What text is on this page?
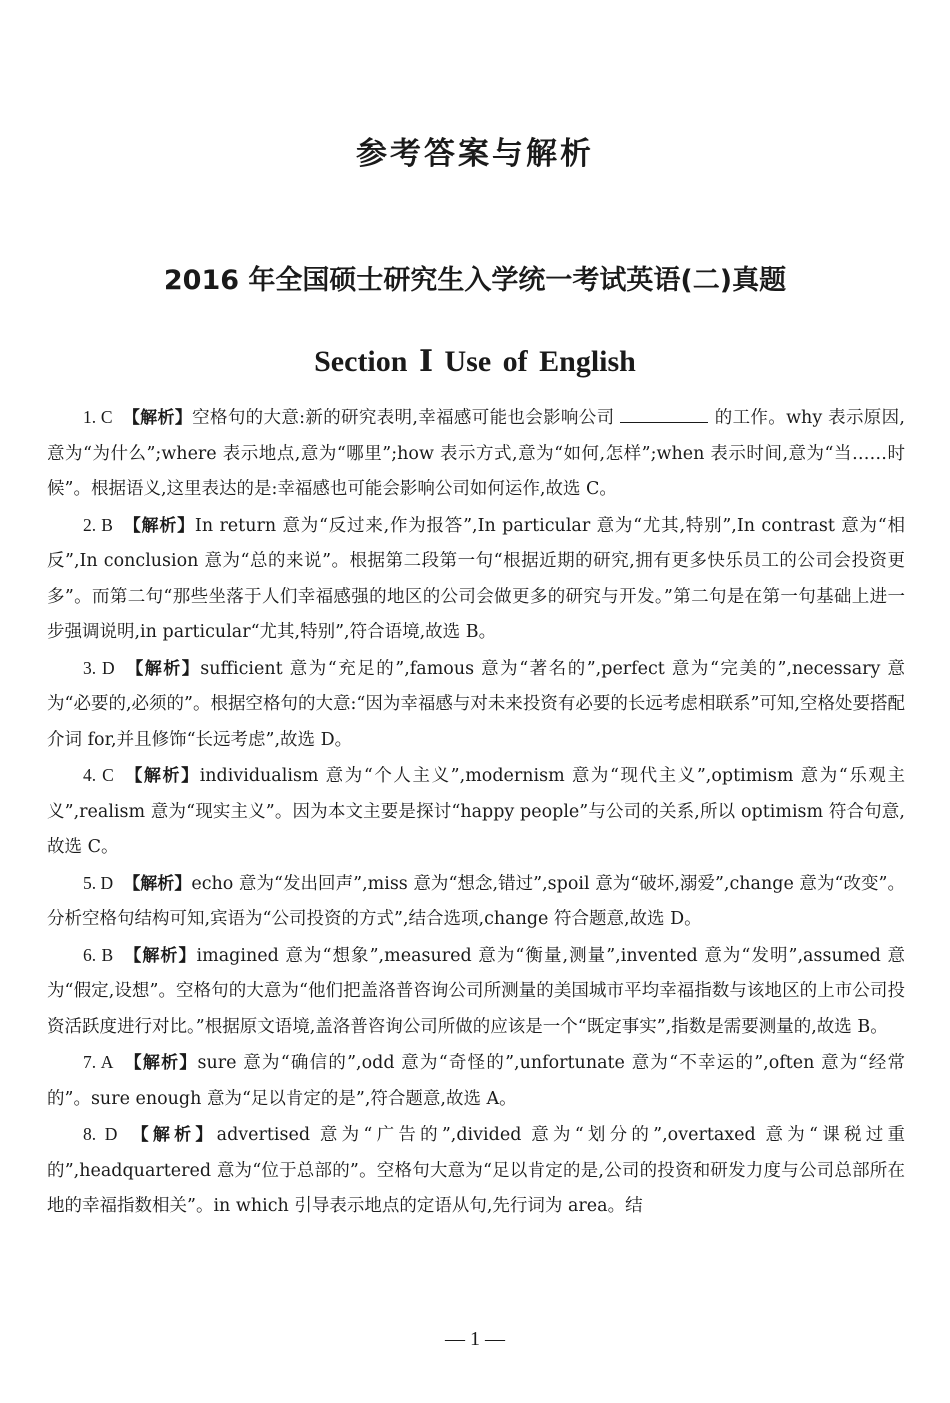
参考答案与解析
2016 年全国硕士研究生入学统一考试英语(二)真题
Section Ⅰ Use of English

1. C 【解析】空格句的大意:新的研究表明,幸福感可能也会影响公司	的工作。why 表示原因,意为“为什么”;where 表示地点,意为“哪里”;how 表示方式,意为“如何,怎样”;when 表示时间,意为“当……时候”。根据语义,这里表达的是:幸福感也可能会影响公司如何运作,故选 C。

2. B 【解析】In return 意为“反过来,作为报答”,In particular 意为“尤其,特别”,In contrast 意为“相反”,In conclusion 意为“总的来说”。根据第二段第一句“根据近期的研究,拥有更多快乐员工的公司会投资更多”。而第二句“那些坐落于人们幸福感强的地区的公司会做更多的研究与开发。”第二句是在第一句基础上进一步强调说明,in particular“尤其,特别”,符合语境,故选 B。

3. D 【解析】sufficient 意为“充足的”,famous 意为“著名的”,perfect 意为“完美的”,necessary 意为“必要的,必须的”。根据空格句的大意:“因为幸福感与对未来投资有必要的长远考虑相联系”可知,空格处要搭配介词 for,并且修饰“长远考虑”,故选 D。

4. C 【解析】individualism 意为“个人主义”,modernism 意为“现代主义”,optimism 意为“乐观主义”,realism 意为“现实主义”。因为本文主要是探讨“happy people”与公司的关系,所以 optimism 符合句意,故选 C。

5. D 【解析】echo 意为“发出回声”,miss 意为“想念,错过”,spoil 意为“破坏,溺爱”,change 意为“改变”。分析空格句结构可知,宾语为“公司投资的方式”,结合选项,change 符合题意,故选 D。

6. B 【解析】imagined 意为“想象”,measured 意为“衡量,测量”,invented 意为“发明”,assumed 意为“假定,设想”。空格句的大意为“他们把盖洛普咨询公司所测量的美国城市平均幸福指数与该地区的上市公司投资活跃度进行对比。”根据原文语境,盖洛普咨询公司所做的应该是一个“既定事实”,指数是需要测量的,故选 B。

7. A 【解析】sure 意为“确信的”,odd 意为“奇怪的”,unfortunate 意为“不幸运的”,often 意为“经常的”。sure enough 意为“足以肯定的是”,符合题意,故选 A。

8. D 【解析】advertised 意为“广告的”,divided 意为“划分的”,overtaxed 意为“课税过重的”,headquartered 意为“位于总部的”。空格句大意为“足以肯定的是,公司的投资和研发力度与公司总部所在地的幸福指数相关”。in which 引导表示地点的定语从句,先行词为 area。结

— 1 —
